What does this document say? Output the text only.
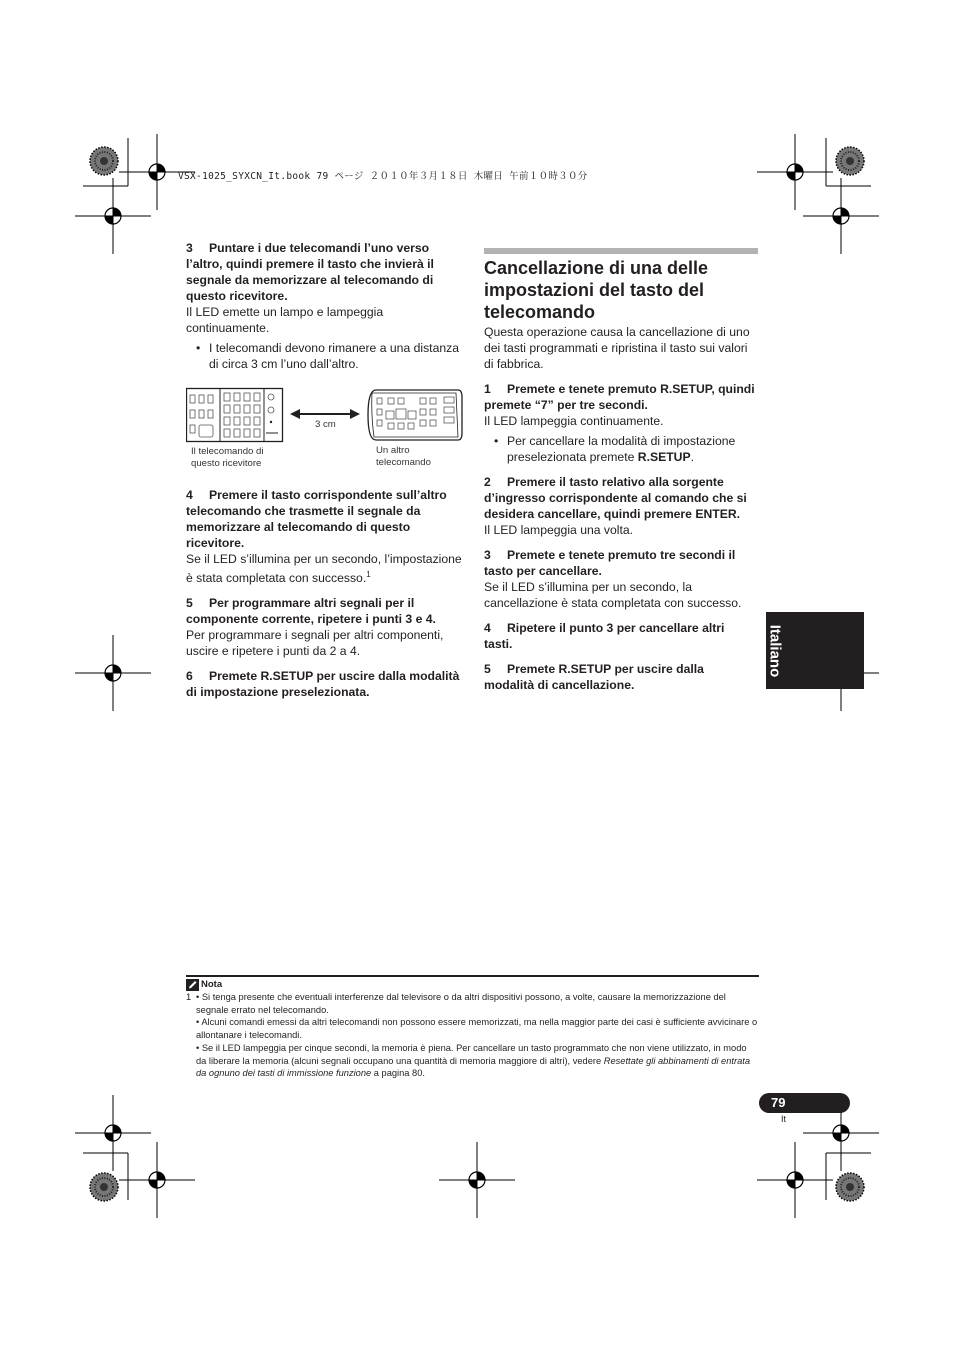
VSX-1025_SYXCN_It.book 79 ページ ２０１０年３月１８日 木曜日 午前１０時３０分
3 Puntare i due telecomandi l’uno verso l’altro, quindi premere il tasto che invierà il segnale da memorizzare al telecomando di questo ricevitore.
Il LED emette un lampo e lampeggia continuamente.
• I telecomandi devono rimanere a una distanza di circa 3 cm l’uno dall’altro.
3 cm
Il telecomando di
questo ricevitore
Un altro
telecomando
4 Premere il tasto corrispondente sull’altro telecomando che trasmette il segnale da memorizzare al telecomando di questo ricevitore.
Se il LED s’illumina per un secondo, l’impostazione è stata completata con successo.$^1$
5 Per programmare altri segnali per il componente corrente, ripetere i punti 3 e 4.
Per programmare i segnali per altri componenti, uscire e ripetere i punti da 2 a 4.
6 Premete R.SETUP per uscire dalla modalità di impostazione preselezionata.
Cancellazione di una delle impostazioni del tasto del telecomando
Questa operazione causa la cancellazione di uno dei tasti programmati e ripristina il tasto sui valori di fabbrica.
1 Premete e tenete premuto R.SETUP, quindi premete “7” per tre secondi.
Il LED lampeggia continuamente.
• Per cancellare la modalità di impostazione preselezionata premete R.SETUP.
2 Premere il tasto relativo alla sorgente d’ingresso corrispondente al comando che si desidera cancellare, quindi premere ENTER.
Il LED lampeggia una volta.
3 Premete e tenete premuto tre secondi il tasto per cancellare.
Se il LED s’illumina per un secondo, la cancellazione è stata completata con successo.
4 Ripetere il punto 3 per cancellare altri tasti.
5 Premete R.SETUP per uscire dalla modalità di cancellazione.
Italiano
Nota
1 • Si tenga presente che eventuali interferenze dal televisore o da altri dispositivi possono, a volte, causare la memorizzazione del segnale errato nel telecomando.
• Alcuni comandi emessi da altri telecomandi non possono essere memorizzati, ma nella maggior parte dei casi è sufficiente avvicinare o allontanare i telecomandi.
• Se il LED lampeggia per cinque secondi, la memoria è piena. Per cancellare un tasto programmato che non viene utilizzato, in modo da liberare la memoria (alcuni segnali occupano una quantità di memoria maggiore di altri), vedere Resettate gli abbinamenti di entrata da ognuno dei tasti di immissione funzione a pagina 80.
79
It
